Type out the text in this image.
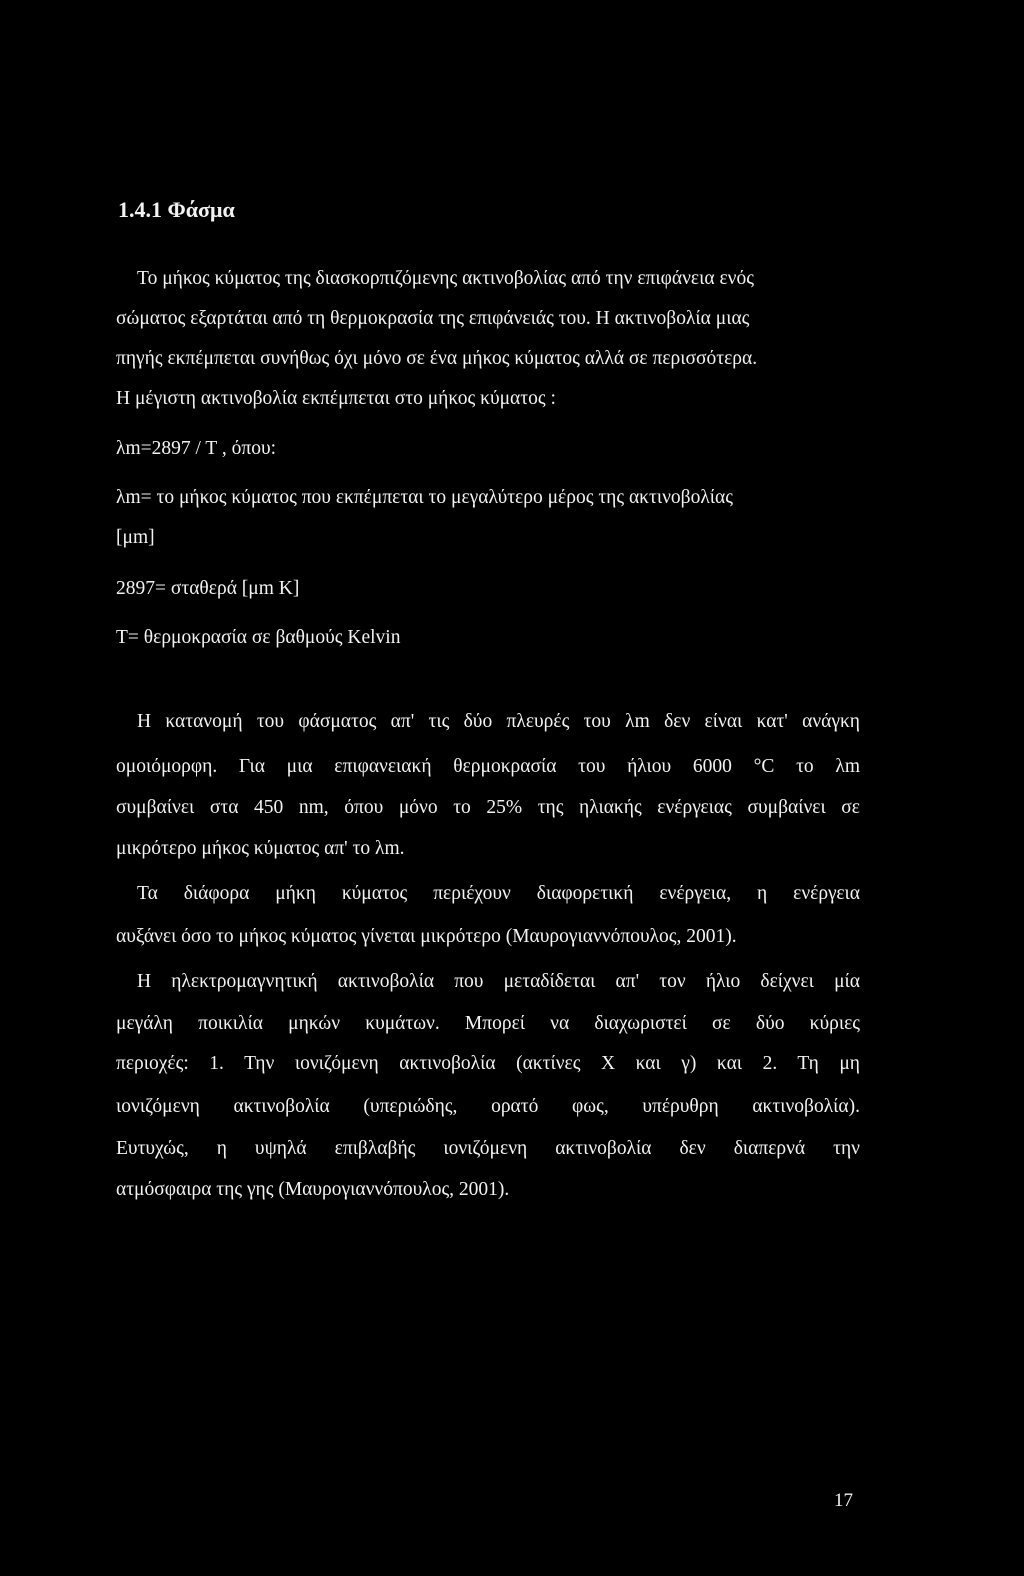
1.4.1 Φάσμα

Το μήκος κύματος της διασκορπιζόμενης ακτινοβολίας από την επιφάνεια ενός

σώματος εξαρτάται από τη θερμοκρασία της επιφάνειάς του. Η ακτινοβολία μιας

πηγής εκπέμπεται συνήθως όχι μόνο σε ένα μήκος κύματος αλλά σε περισσότερα.

Η μέγιστη ακτινοβολία εκπέμπεται στο μήκος κύματος :

λm=2897 / T , όπου:

λm= το μήκος κύματος που εκπέμπεται το μεγαλύτερο μέρος της ακτινοβολίας

[μm]

2897= σταθερά [μm K]

T= θερμοκρασία σε βαθμούς Kelvin

Η κατανομή του φάσματος απ' τις δύο πλευρές του λm δεν είναι κατ' ανάγκη

ομοιόμορφη. Για μια επιφανειακή θερμοκρασία του ήλιου 6000 °C το λm

συμβαίνει στα 450 nm, όπου μόνο το 25% της ηλιακής ενέργειας συμβαίνει σε

μικρότερο μήκος κύματος απ' το λm.

Τα διάφορα μήκη κύματος περιέχουν διαφορετική ενέργεια, η ενέργεια

αυξάνει όσο το μήκος κύματος γίνεται μικρότερο (Μαυρογιαννόπουλος, 2001).

Η ηλεκτρομαγνητική ακτινοβολία που μεταδίδεται απ' τον ήλιο δείχνει μία

μεγάλη ποικιλία μηκών κυμάτων. Μπορεί να διαχωριστεί σε δύο κύριες

περιοχές: 1. Την ιονιζόμενη ακτινοβολία (ακτίνες Χ και γ) και 2. Τη μη

ιονιζόμενη ακτινοβολία (υπεριώδης, ορατό φως, υπέρυθρη ακτινοβολία).

Ευτυχώς, η υψηλά επιβλαβής ιονιζόμενη ακτινοβολία δεν διαπερνά την

ατμόσφαιρα της γης (Μαυρογιαννόπουλος, 2001).

17
